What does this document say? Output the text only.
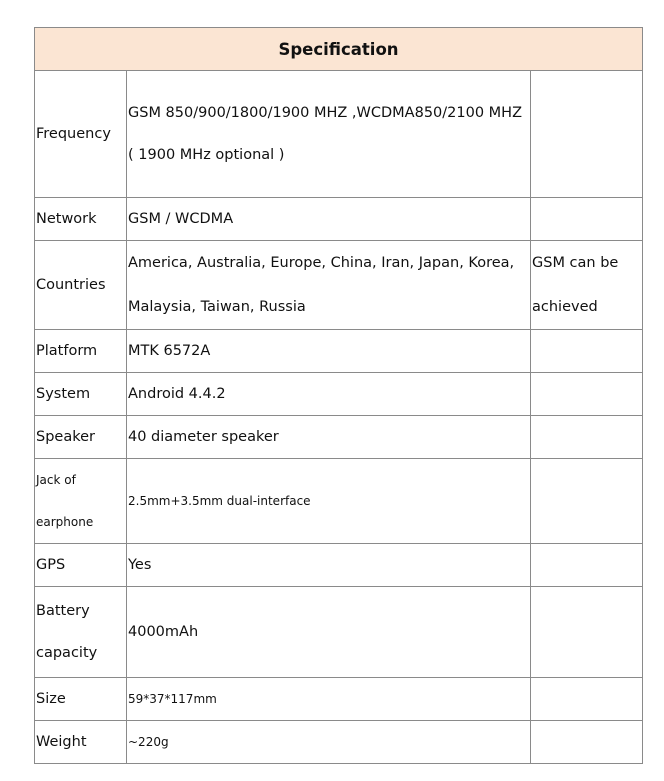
Specification		
Frequency	GSM 850/900/1800/1900 MHZ ,WCDMA850/2100 MHZ ( 1900 MHz optional )	
Network	GSM / WCDMA	
Countries	America, Australia, Europe, China, Iran, Japan, Korea, Malaysia, Taiwan, Russia	GSM can be achieved
Platform	MTK 6572A	
System	Android 4.4.2	
Speaker	40 diameter speaker	
Jack of earphone	2.5mm+3.5mm dual-interface	
GPS	Yes	
Battery capacity	4000mAh	
Size	59*37*117mm	
Weight	~220g	
